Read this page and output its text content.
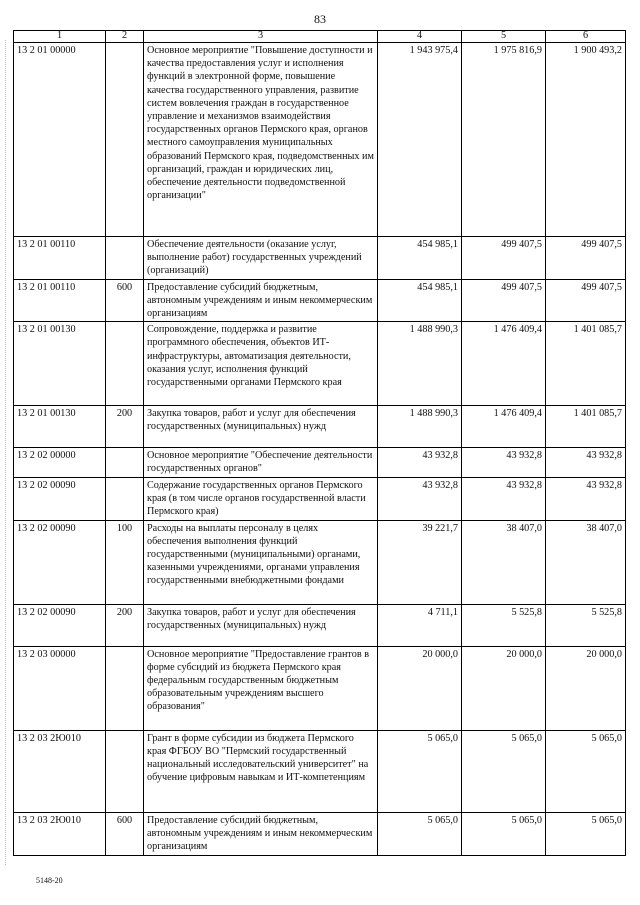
83
1	2	3	4	5	6
13 2 01 00000		Основное мероприятие "Повышение доступности и качества предоставления услуг и исполнения функций в электронной форме, повышение качества государственного управления, развитие систем вовлечения граждан в государственное управление и механизмов взаимодействия государственных органов Пермского края, органов местного самоуправления муниципальных образований Пермского края, подведомственных им организаций, граждан и юридических лиц, обеспечение деятельности подведомственной организации"	1 943 975,4	1 975 816,9	1 900 493,2
13 2 01 00110		Обеспечение деятельности (оказание услуг, выполнение работ) государственных учреждений (организаций)	454 985,1	499 407,5	499 407,5
13 2 01 00110	600	Предоставление субсидий бюджетным, автономным учреждениям и иным некоммерческим организациям	454 985,1	499 407,5	499 407,5
13 2 01 00130		Сопровождение, поддержка и развитие программного обеспечения, объектов ИТ-инфраструктуры, автоматизация деятельности, оказания услуг, исполнения функций государственными органами Пермского края	1 488 990,3	1 476 409,4	1 401 085,7
13 2 01 00130	200	Закупка товаров, работ и услуг для обеспечения государственных (муниципальных) нужд	1 488 990,3	1 476 409,4	1 401 085,7
13 2 02 00000		Основное мероприятие "Обеспечение деятельности государственных органов"	43 932,8	43 932,8	43 932,8
13 2 02 00090		Содержание государственных органов Пермского края (в том числе органов государственной власти Пермского края)	43 932,8	43 932,8	43 932,8
13 2 02 00090	100	Расходы на выплаты персоналу в целях обеспечения выполнения функций государственными (муниципальными) органами, казенными учреждениями, органами управления государственными внебюджетными фондами	39 221,7	38 407,0	38 407,0
13 2 02 00090	200	Закупка товаров, работ и услуг для обеспечения государственных (муниципальных) нужд	4 711,1	5 525,8	5 525,8
13 2 03 00000		Основное мероприятие "Предоставление грантов в форме субсидий из бюджета Пермского края федеральным государственным бюджетным образовательным учреждениям высшего образования"	20 000,0	20 000,0	20 000,0
13 2 03 2Ю010		Грант в форме субсидии из бюджета Пермского края ФГБОУ ВО "Пермский государственный национальный исследовательский университет" на обучение цифровым навыкам и ИТ-компетенциям	5 065,0	5 065,0	5 065,0
13 2 03 2Ю010	600	Предоставление субсидий бюджетным, автономным учреждениям и иным некоммерческим организациям	5 065,0	5 065,0	5 065,0
5148-20
